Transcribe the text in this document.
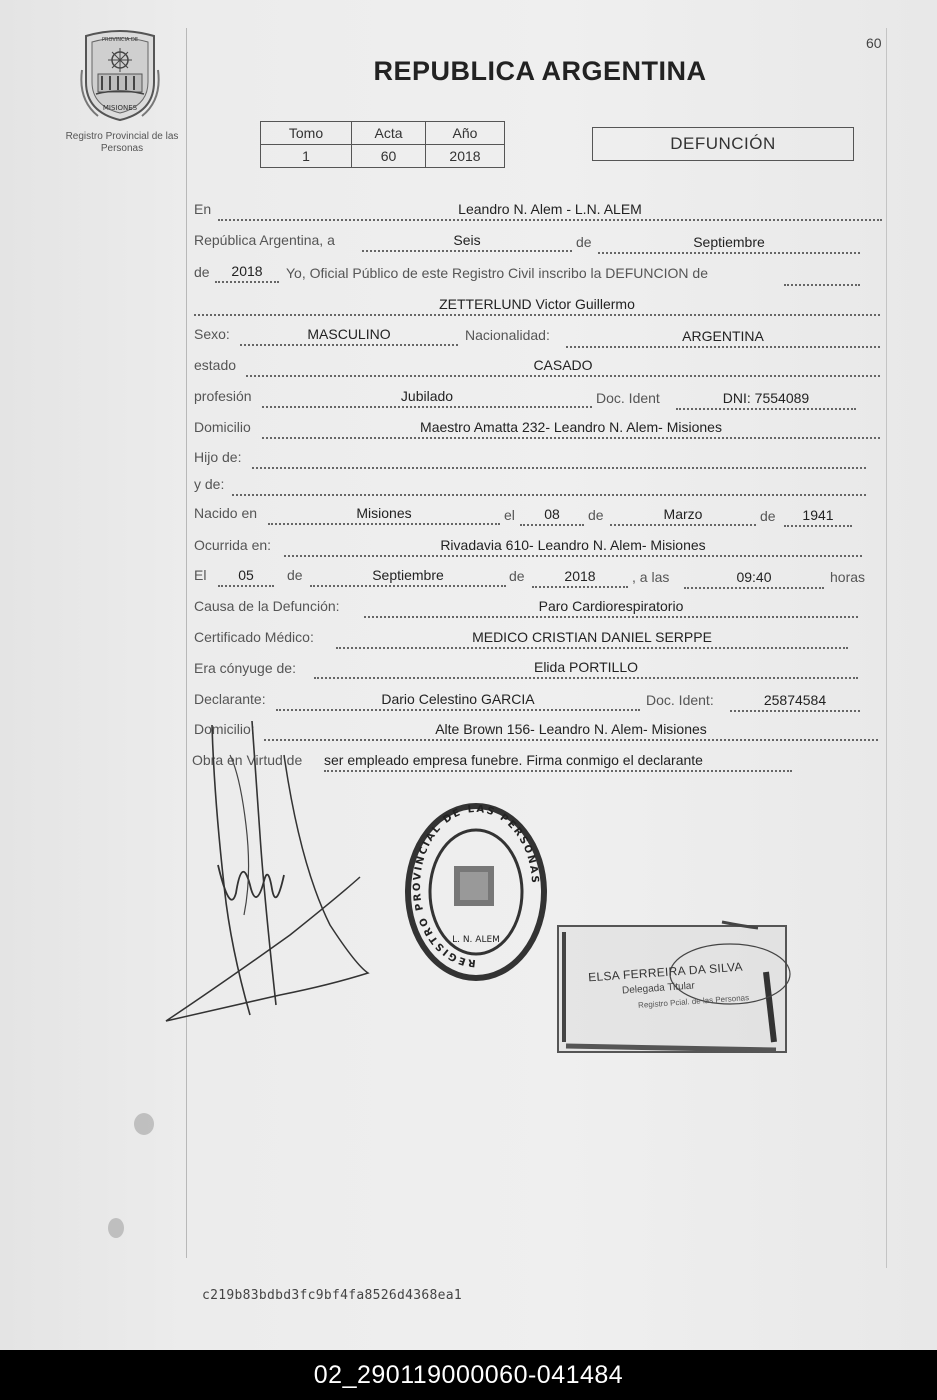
60
PROVINCIA DE
MISIONES
Registro Provincial de las Personas
REPUBLICA ARGENTINA
Tomo	Acta	Año
1	60	2018
DEFUNCIÓN
En	Leandro N. Alem - L.N. ALEM
República Argentina, a	Seis	de	Septiembre
de	2018	Yo, Oficial Público de este Registro Civil inscribo la DEFUNCION de
ZETTERLUND Victor Guillermo
Sexo:	MASCULINO	Nacionalidad:	ARGENTINA
estado	CASADO
profesión	Jubilado	Doc. Ident	DNI: 7554089
Domicilio	Maestro Amatta 232- Leandro N. Alem- Misiones
Hijo de:
y de:
Nacido en	Misiones	el	08	de	Marzo	de	1941
Ocurrida en:	Rivadavia 610- Leandro N. Alem- Misiones
El	05	de	Septiembre	de	2018	, a las	09:40	horas
Causa de la Defunción:	Paro Cardiorespiratorio
Certificado Médico:	MEDICO CRISTIAN DANIEL SERPPE
Era cónyuge de:	Elida PORTILLO
Declarante:	Dario Celestino GARCIA	Doc. Ident:	25874584
Domicilio:	Alte Brown 156- Leandro N. Alem- Misiones
Obra en Virtud de ser empleado empresa funebre. Firma conmigo el declarante
REGISTRO PROVINCIAL DE LAS PERSONAS
L. N. ALEM
ELSA FERREIRA DA SILVA
Delegada Titular
Registro Pcial. de las Personas
c219b83bdbd3fc9bf4fa8526d4368ea1
02_290119000060-041484
